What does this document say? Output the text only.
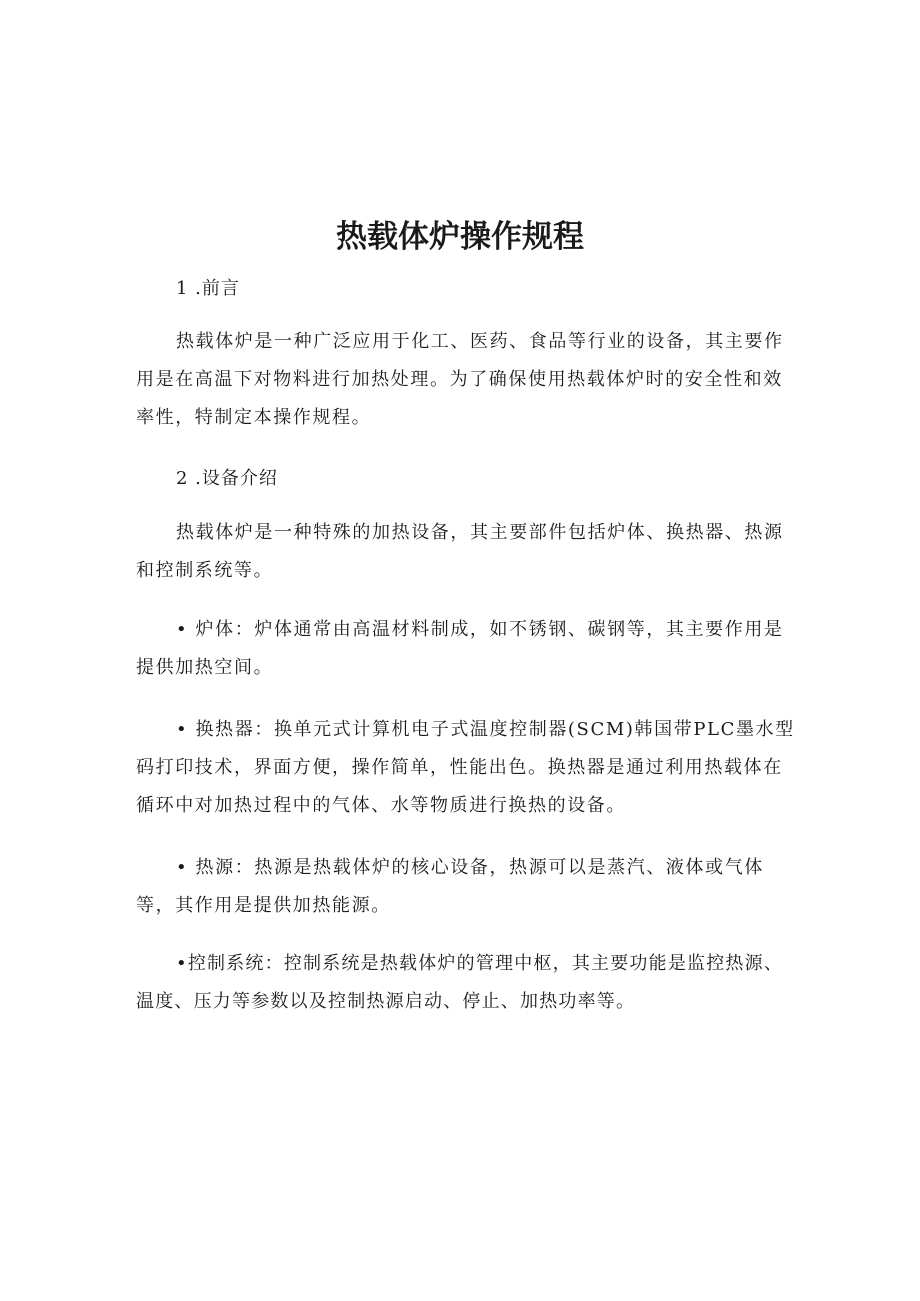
热载体炉操作规程

1 .前言

热载体炉是一种广泛应用于化工、医药、食品等行业的设备，其主要作用是在高温下对物料进行加热处理。为了确保使用热载体炉时的安全性和效率性，特制定本操作规程。

2 .设备介绍

热载体炉是一种特殊的加热设备，其主要部件包括炉体、换热器、热源和控制系统等。

• 炉体：炉体通常由高温材料制成，如不锈钢、碳钢等，其主要作用是提供加热空间。

• 换热器：换单元式计算机电子式温度控制器(SCM)韩国带PLC墨水型码打印技术，界面方便，操作简单，性能出色。换热器是通过利用热载体在循环中对加热过程中的气体、水等物质进行换热的设备。

• 热源：热源是热载体炉的核心设备，热源可以是蒸汽、液体或气体等，其作用是提供加热能源。

•控制系统：控制系统是热载体炉的管理中枢，其主要功能是监控热源、温度、压力等参数以及控制热源启动、停止、加热功率等。
